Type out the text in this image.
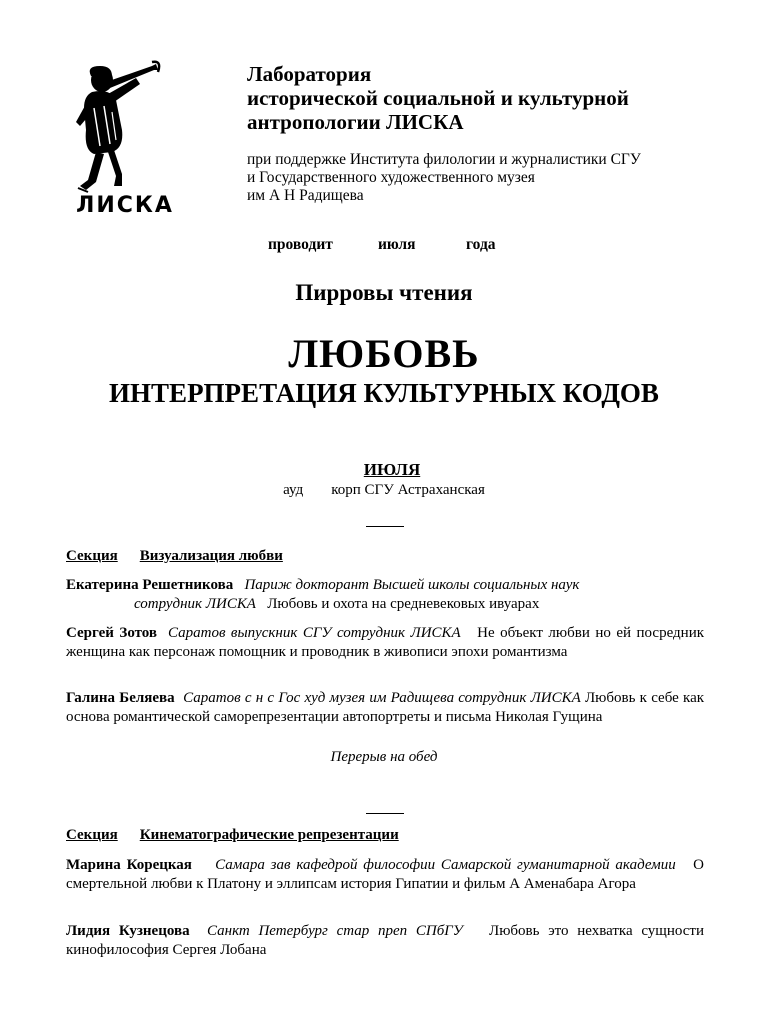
ЛИСКА
Лаборатория
исторической социальной и культурной
антропологии ЛИСКА
при поддержке Института филологии и журналистики СГУ
и Государственного художественного музея
им А Н Радищева
проводит	июля	года
Пирровы чтения
ЛЮБОВЬ
ИНТЕРПРЕТАЦИЯ КУЛЬТУРНЫХ КОДОВ
ИЮЛЯ
ауд корп СГУ Астраханская
Секция Визуализация любви
Екатерина Решетникова Париж докторант Высшей школы социальных наук
сотрудник ЛИСКА Любовь и охота на средневековых ивуарах
Сергей Зотов Саратов выпускник СГУ сотрудник ЛИСКА Не объект любви но ей посредник женщина как персонаж помощник и проводник в живописи эпохи романтизма
Галина Беляева Саратов с н с Гос худ музея им Радищева сотрудник ЛИСКА Любовь к себе как основа романтической саморепрезентации автопортреты и письма Николая Гущина
Перерыв на обед
Секция Кинематографические репрезентации
Марина Корецкая Самара зав кафедрой философии Самарской гуманитарной академии О смертельной любви к Платону и эллипсам история Гипатии и фильм А Аменабара Агора
Лидия Кузнецова Санкт Петербург стар преп СПбГУ Любовь это нехватка сущности кинофилософия Сергея Лобана
